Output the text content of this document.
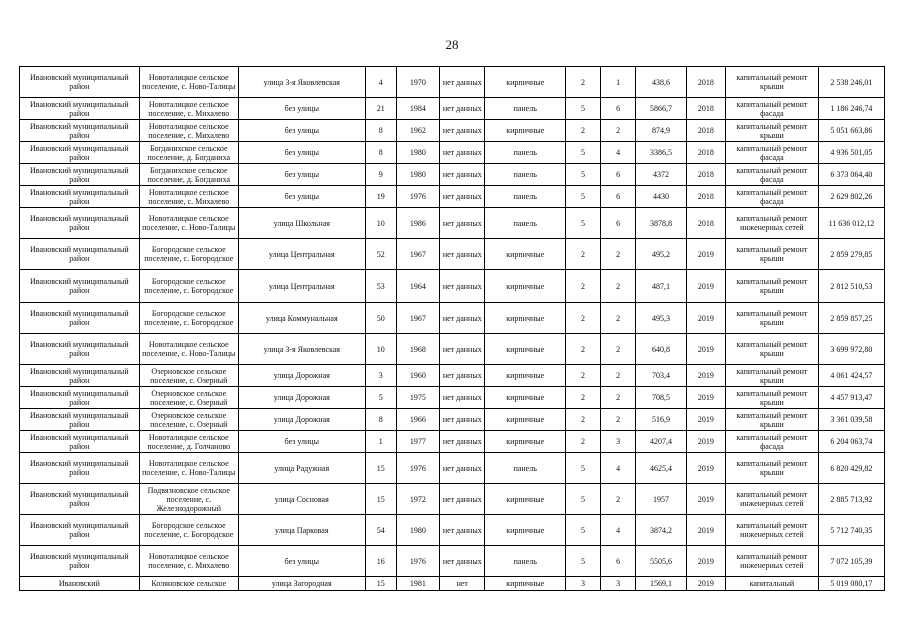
28
Ивановский муниципальный район	Новоталицкое сельское поселение, с. Ново-Талицы	улица 3-я Яковлевская	4	1970	нет данных	кирпичные	2	1	438,6	2018	капитальный ремонт крыши	2 538 246,01
Ивановский муниципальный район	Новоталицкое сельское поселение, с. Михалево	без улицы	21	1984	нет данных	панель	5	6	5866,7	2018	капитальный ремонт фасада	1 186 246,74
Ивановский муниципальный район	Новоталицкое сельское поселение, с. Михалево	без улицы	8	1962	нет данных	кирпичные	2	2	874,9	2018	капитальный ремонт крыши	5 051 663,86
Ивановский муниципальный район	Богданихское сельское поселение, д. Богданиха	без улицы	8	1980	нет данных	панель	5	4	3386,5	2018	капитальный ремонт фасада	4 936 501,05
Ивановский муниципальный район	Богданихское сельское поселение, д. Богданиха	без улицы	9	1980	нет данных	панель	5	6	4372	2018	капитальный ремонт фасада	6 373 064,40
Ивановский муниципальный район	Новоталицкое сельское поселение, с. Михалево	без улицы	19	1976	нет данных	панель	5	6	4430	2018	капитальный ремонт фасада	2 629 802,26
Ивановский муниципальный район	Новоталицкое сельское поселение, с. Ново-Талицы	улица Школьная	10	1986	нет данных	панель	5	6	3878,8	2018	капитальный ремонт инженерных сетей	11 636 012,12
Ивановский муниципальный район	Богородское сельское поселение, с. Богородское	улица Центральная	52	1967	нет данных	кирпичные	2	2	495,2	2019	капитальный ремонт крыши	2 859 279,85
Ивановский муниципальный район	Богородское сельское поселение, с. Богородское	улица Центральная	53	1964	нет данных	кирпичные	2	2	487,1	2019	капитальный ремонт крыши	2 812 510,53
Ивановский муниципальный район	Богородское сельское поселение, с. Богородское	улица Коммунальная	50	1967	нет данных	кирпичные	2	2	495,3	2019	капитальный ремонт крыши	2 859 857,25
Ивановский муниципальный район	Новоталицкое сельское поселение, с. Ново-Талицы	улица 3-я Яковлевская	10	1968	нет данных	кирпичные	2	2	640,8	2019	капитальный ремонт крыши	3 699 972,80
Ивановский муниципальный район	Озерновское сельское поселение, с. Озерный	улица Дорожная	3	1960	нет данных	кирпичные	2	2	703,4	2019	капитальный ремонт крыши	4 061 424,57
Ивановский муниципальный район	Озерновское сельское поселение, с. Озерный	улица Дорожная	5	1975	нет данных	кирпичные	2	2	708,5	2019	капитальный ремонт крыши	4 457 913,47
Ивановский муниципальный район	Озерновское сельское поселение, с. Озерный	улица Дорожная	8	1966	нет данных	кирпичные	2	2	516,9	2019	капитальный ремонт крыши	3 361 039,58
Ивановский муниципальный район	Новоталицкое сельское поселение, д. Голчаново	без улицы	1	1977	нет данных	кирпичные	2	3	4207,4	2019	капитальный ремонт фасада	6 204 063,74
Ивановский муниципальный район	Новоталицкое сельское поселение, с. Ново-Талицы	улица Радужная	15	1976	нет данных	панель	5	4	4625,4	2019	капитальный ремонт крыши	6 820 429,82
Ивановский муниципальный район	Подвязновское сельское поселение, с. Железнодорожный	улица Сосновая	15	1972	нет данных	кирпичные	5	2	1957	2019	капитальный ремонт инженерных сетей	2 885 713,92
Ивановский муниципальный район	Богородское сельское поселение, с. Богородское	улица Парковая	54	1980	нет данных	кирпичные	5	4	3874,2	2019	капитальный ремонт инженерных сетей	5 712 740,35
Ивановский муниципальный район	Новоталицкое сельское поселение, с. Михалево	без улицы	16	1976	нет данных	панель	5	6	5505,6	2019	капитальный ремонт инженерных сетей	7 072 105,39
Ивановский	Коляновское сельское	улица Загородная	15	1981	нет	кирпичные	3	3	1569,1	2019	капитальный	5 019 080,17
